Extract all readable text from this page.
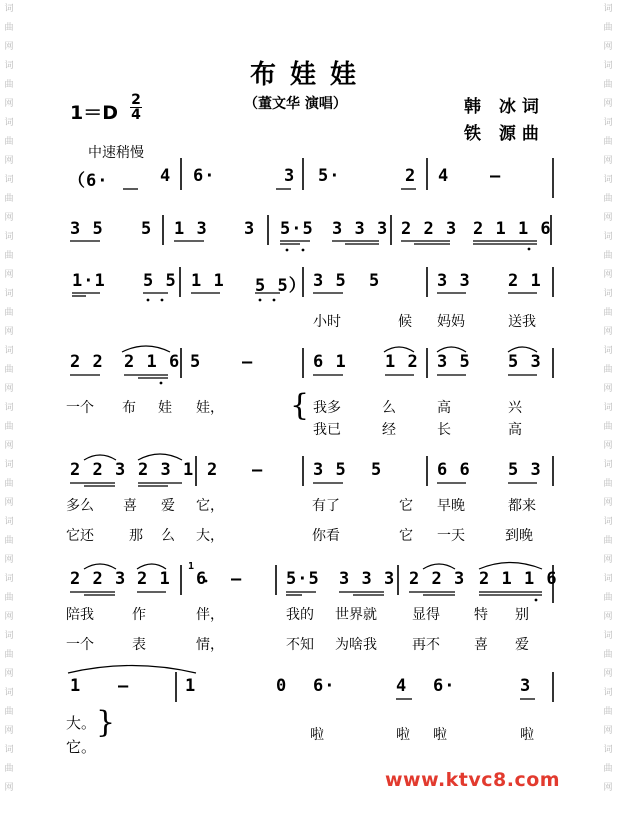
词曲网词曲网词曲网词曲网词曲网词曲网词曲网词曲网词曲网词曲网词曲网词曲网词曲网词曲网
词曲网词曲网词曲网词曲网词曲网词曲网词曲网词曲网词曲网词曲网词曲网词曲网词曲网词曲网
布娃娃
（董文华 演唱）
1＝D
2
4	韩 冰词
铁 源曲
中速稍慢
（6·	4 6·	3 5·	2 4 —
3 5 5 1 3 3 5·5 3 3 3 2 2 3 2 1 1 6
1·1 5 5 1 1 5 5） 3 5 5	3 3 2 1
小时	候 妈妈	送我
2 2 2 1 6 5 —	6 1 1 2 3 5 5 3
一个 布 娃 娃，	我多	么	高	兴
我已	经	长	高
2 2 3 2 3 1 2 —	3 5 5	6 6 5 3
多么 喜 爱 它，	有了	它 早晚	都来
它还	那 么 大，	你看	它 一天	到晚
2 2 3 2 1 6 —	5·5 3 3 3 2 2 3 2 1 1 6
1
陪我	作	伴，	我的 世界就	显得 特 别
一个	表	情，	不知 为啥我	再不 喜 爱
1 —	1	0 6·	4 6·	3
大。
啦	啦 啦	啦
它。
{
}
www.ktvc8.com
